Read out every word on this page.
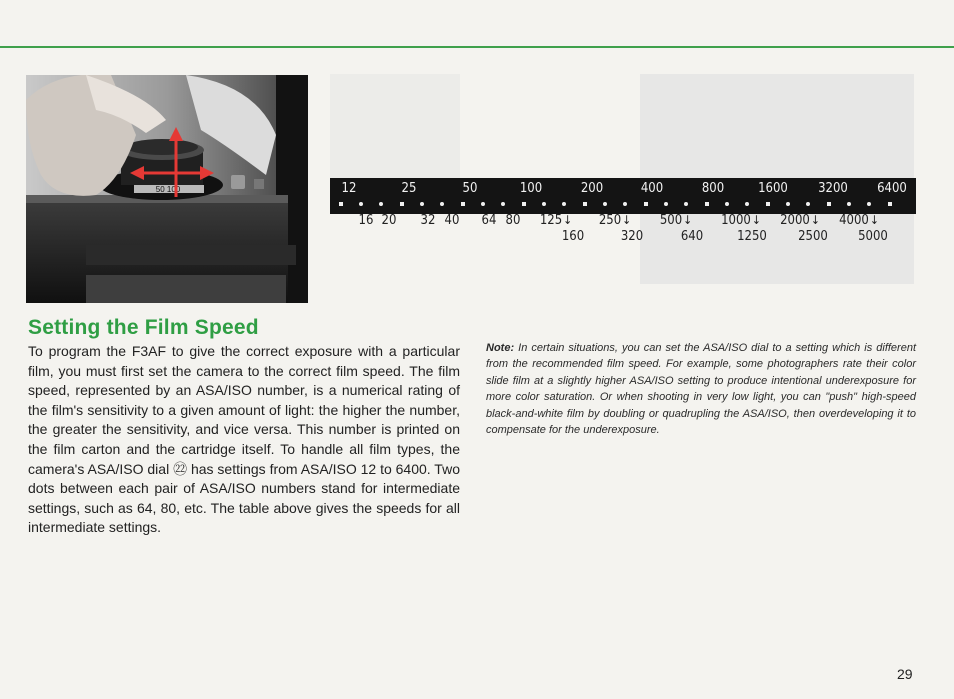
50 100	12	25	50	100	200	400	800	1600 3200 6400
16 20 32 40 64 80 125↓ 250↓ 500↓ 1000↓ 2000↓ 4000↓
160	320	640	1250 2500 5000
Setting the Film Speed

To program the F3AF to give the correct exposure with a particular film, you must first set the camera to the correct film speed. The film speed, represented by an ASA/ISO number, is a numerical rating of the film's sensitivity to a given amount of light: the higher the number, the greater the sensitivity, and vice versa. This number is printed on the film carton and the cartridge itself. To handle all film types, the camera's ASA/ISO dial ㉒ has settings from ASA/ISO 12 to 6400. Two dots between each pair of ASA/ISO numbers stand for intermediate settings, such as 64, 80, etc. The table above gives the speeds for all intermediate settings.

Note: In certain situations, you can set the ASA/ISO dial to a setting which is different from the recommended film speed. For example, some photographers rate their color slide film at a slightly higher ASA/ISO setting to produce intentional underexposure for more color saturation. Or when shooting in very low light, you can "push" high-speed black-and-white film by doubling or quadrupling the ASA/ISO, then overdeveloping it to compensate for the underexposure.

29
